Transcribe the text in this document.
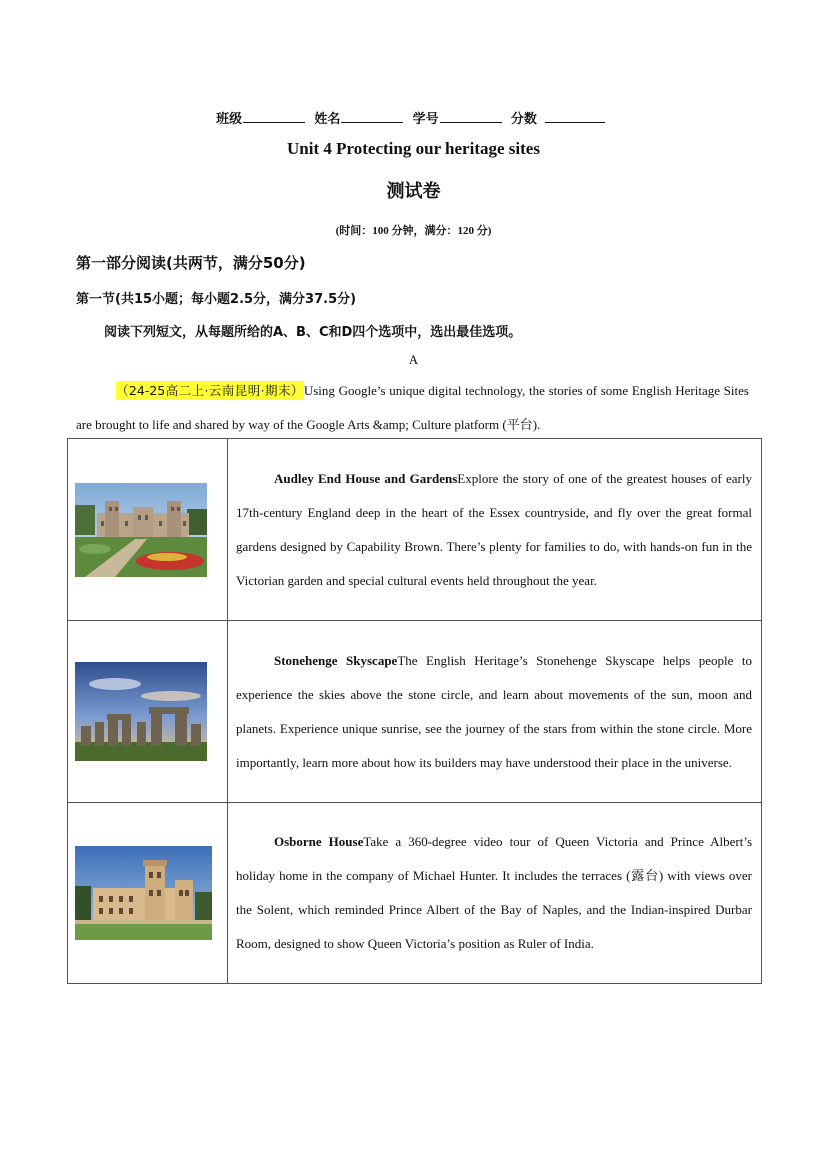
班级	姓名	学号	分数
Unit 4 Protecting our heritage sites
测试卷
(时间：100 分钟，满分：120 分)
第一部分阅读(共两节，满分50分)
第一节(共15小题；每小题2.5分，满分37.5分)
阅读下列短文，从每题所给的A、B、C和D四个选项中，选出最佳选项。
A
（24-25高二上·云南昆明·期末）Using Google’s unique digital technology, the stories of some English Heritage Sites are brought to life and shared by way of the Google Arts &amp; Culture platform (平台).
	Audley End House and GardensExplore the story of one of the greatest houses of early 17th-century England deep in the heart of the Essex countryside, and fly over the great formal gardens designed by Capability Brown. There’s plenty for families to do, with hands-on fun in the Victorian garden and special cultural events held throughout the year.

	Stonehenge SkyscapeThe English Heritage’s Stonehenge Skyscape helps people to experience the skies above the stone circle, and learn about movements of the sun, moon and planets. Experience unique sunrise, see the journey of the stars from within the stone circle. More importantly, learn more about how its builders may have understood their place in the universe.

	Osborne HouseTake a 360-degree video tour of Queen Victoria and Prince Albert’s holiday home in the company of Michael Hunter. It includes the terraces (露台) with views over the Solent, which reminded Prince Albert of the Bay of Naples, and the Indian-inspired Durbar Room, designed to show Queen Victoria’s position as Ruler of India.
